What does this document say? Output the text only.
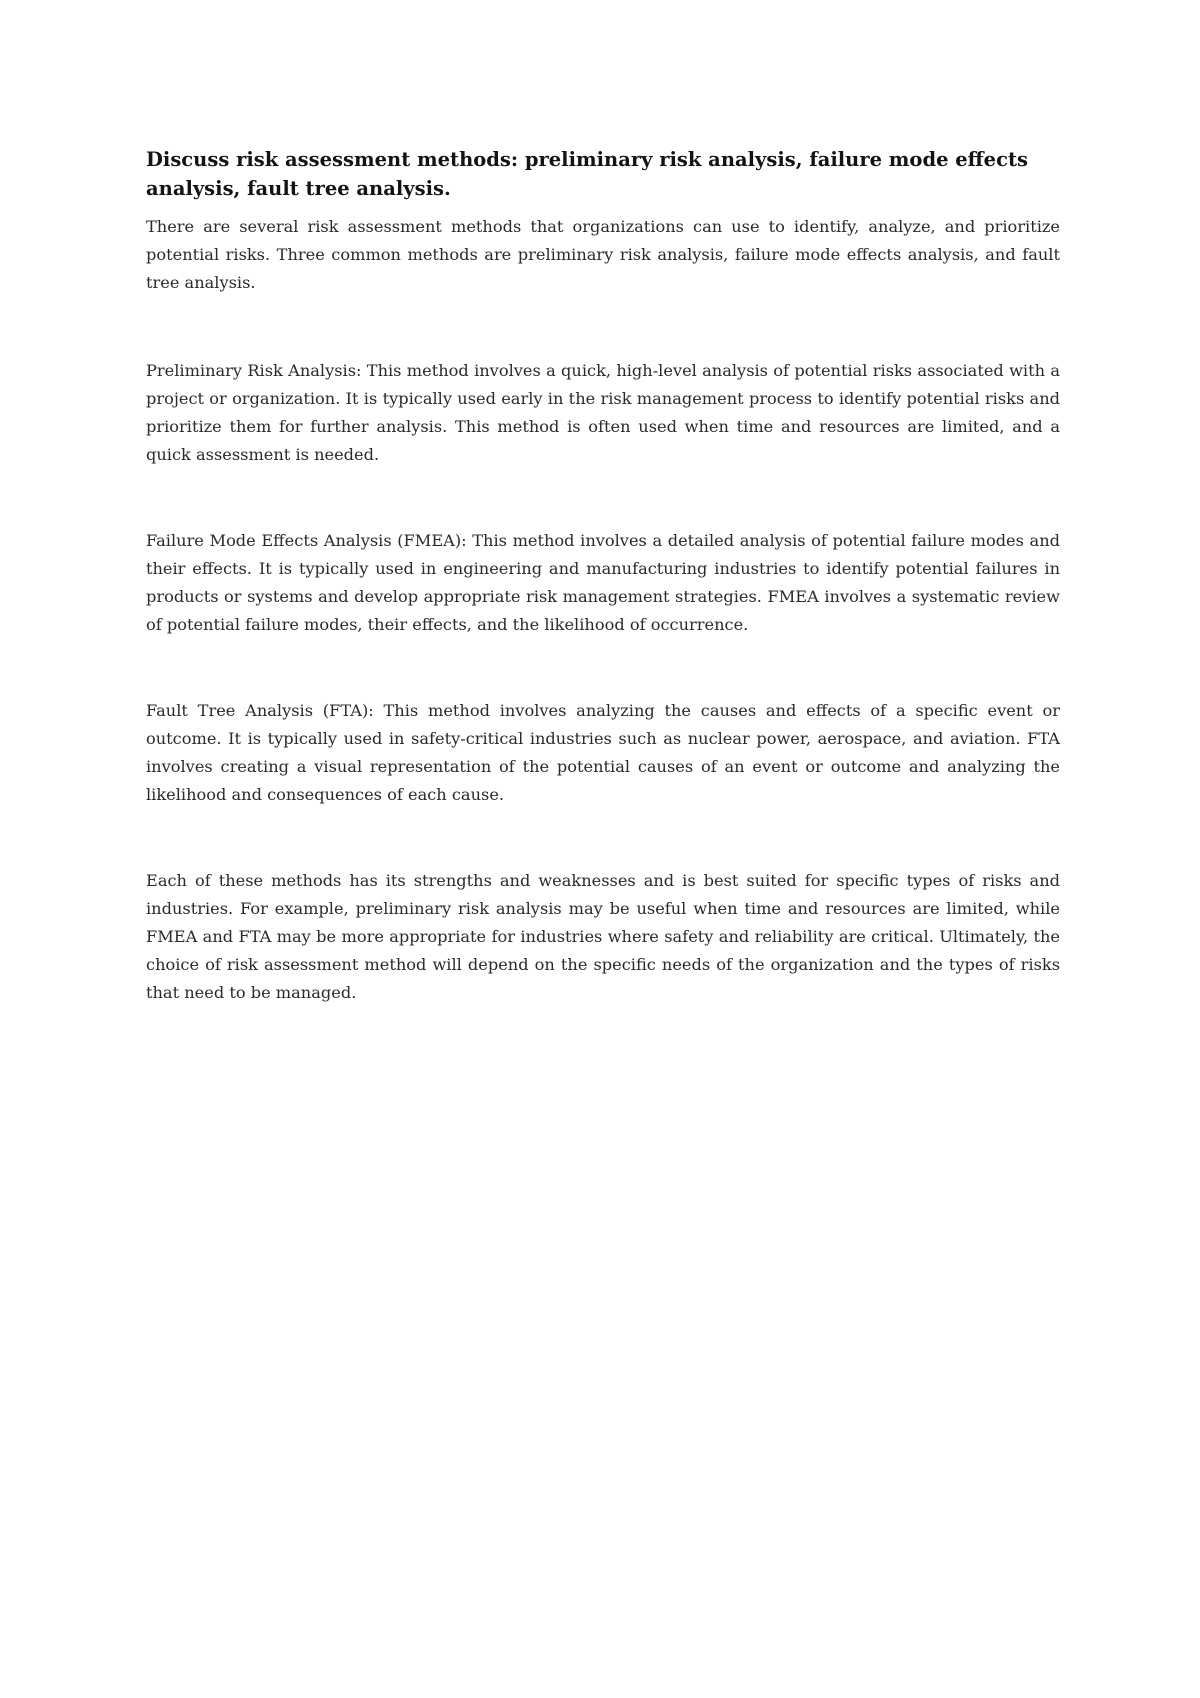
Discuss risk assessment methods: preliminary risk analysis, failure mode effects analysis, fault tree analysis.

There are several risk assessment methods that organizations can use to identify, analyze, and prioritize potential risks. Three common methods are preliminary risk analysis, failure mode effects analysis, and fault tree analysis.

Preliminary Risk Analysis: This method involves a quick, high-level analysis of potential risks associated with a project or organization. It is typically used early in the risk management process to identify potential risks and prioritize them for further analysis. This method is often used when time and resources are limited, and a quick assessment is needed.

Failure Mode Effects Analysis (FMEA): This method involves a detailed analysis of potential failure modes and their effects. It is typically used in engineering and manufacturing industries to identify potential failures in products or systems and develop appropriate risk management strategies. FMEA involves a systematic review of potential failure modes, their effects, and the likelihood of occurrence.

Fault Tree Analysis (FTA): This method involves analyzing the causes and effects of a specific event or outcome. It is typically used in safety-critical industries such as nuclear power, aerospace, and aviation. FTA involves creating a visual representation of the potential causes of an event or outcome and analyzing the likelihood and consequences of each cause.

Each of these methods has its strengths and weaknesses and is best suited for specific types of risks and industries. For example, preliminary risk analysis may be useful when time and resources are limited, while FMEA and FTA may be more appropriate for industries where safety and reliability are critical. Ultimately, the choice of risk assessment method will depend on the specific needs of the organization and the types of risks that need to be managed.
